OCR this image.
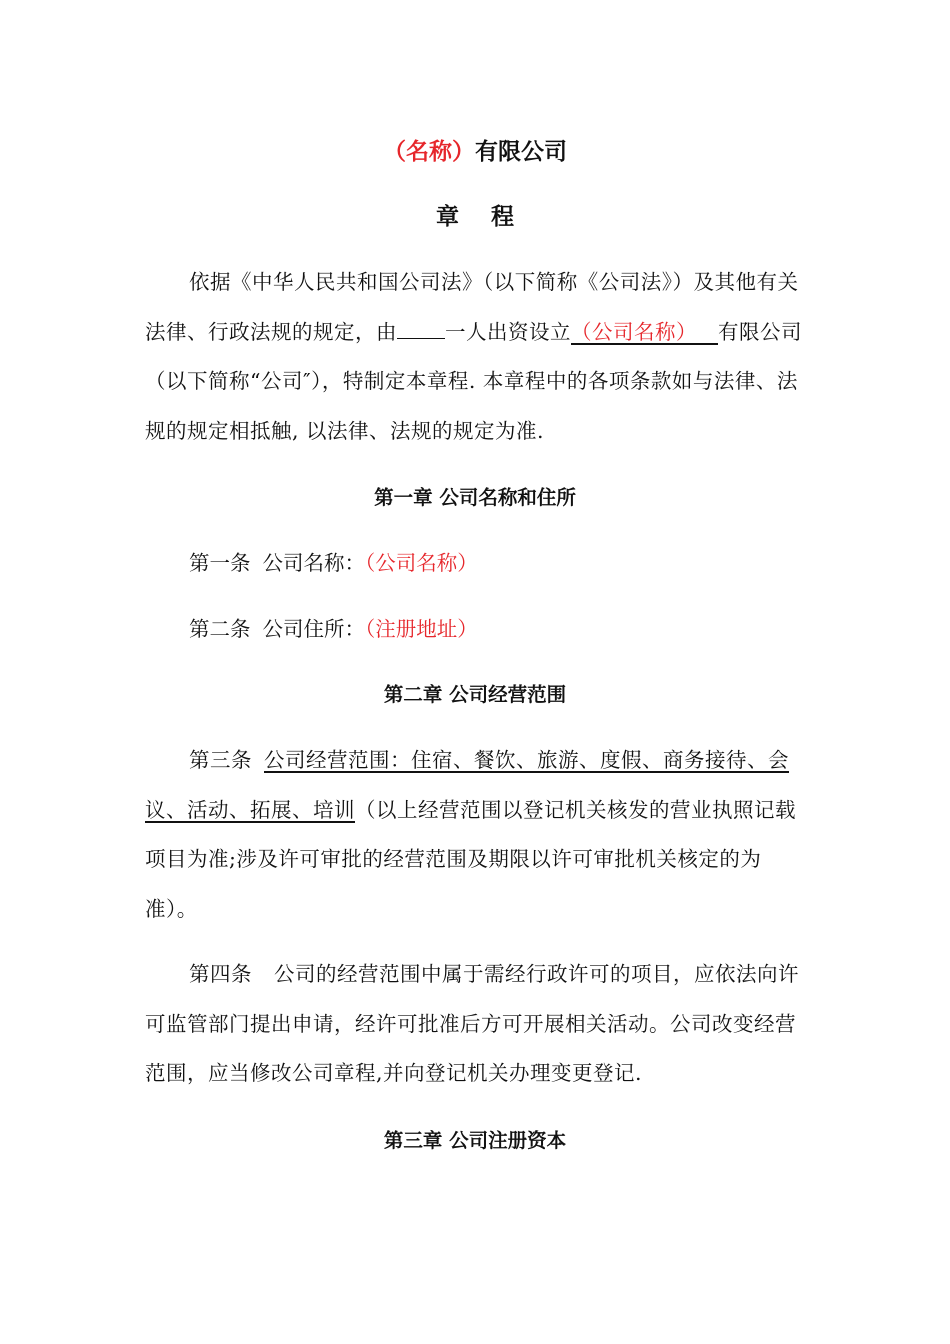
（名称）有限公司
章 程
依据《中华人民共和国公司法》（以下简称《公司法》）及其他有关法律、行政法规的规定，由 一人出资设立（公司名称）  有限公司（以下简称“公司″），特制定本章程. 本章程中的各项条款如与法律、法规的规定相抵触, 以法律、法规的规定为准.
第一章 公司名称和住所
第一条 公司名称：（公司名称）
第二条 公司住所：（注册地址）
第二章 公司经营范围
第三条 公司经营范围：住宿、餐饮、旅游、度假、商务接待、会议、活动、拓展、培训（以上经营范围以登记机关核发的营业执照记载项目为准;涉及许可审批的经营范围及期限以许可审批机关核定的为准）。
第四条 公司的经营范围中属于需经行政许可的项目，应依法向许可监管部门提出申请，经许可批准后方可开展相关活动。公司改变经营范围，应当修改公司章程,并向登记机关办理变更登记.
第三章 公司注册资本
